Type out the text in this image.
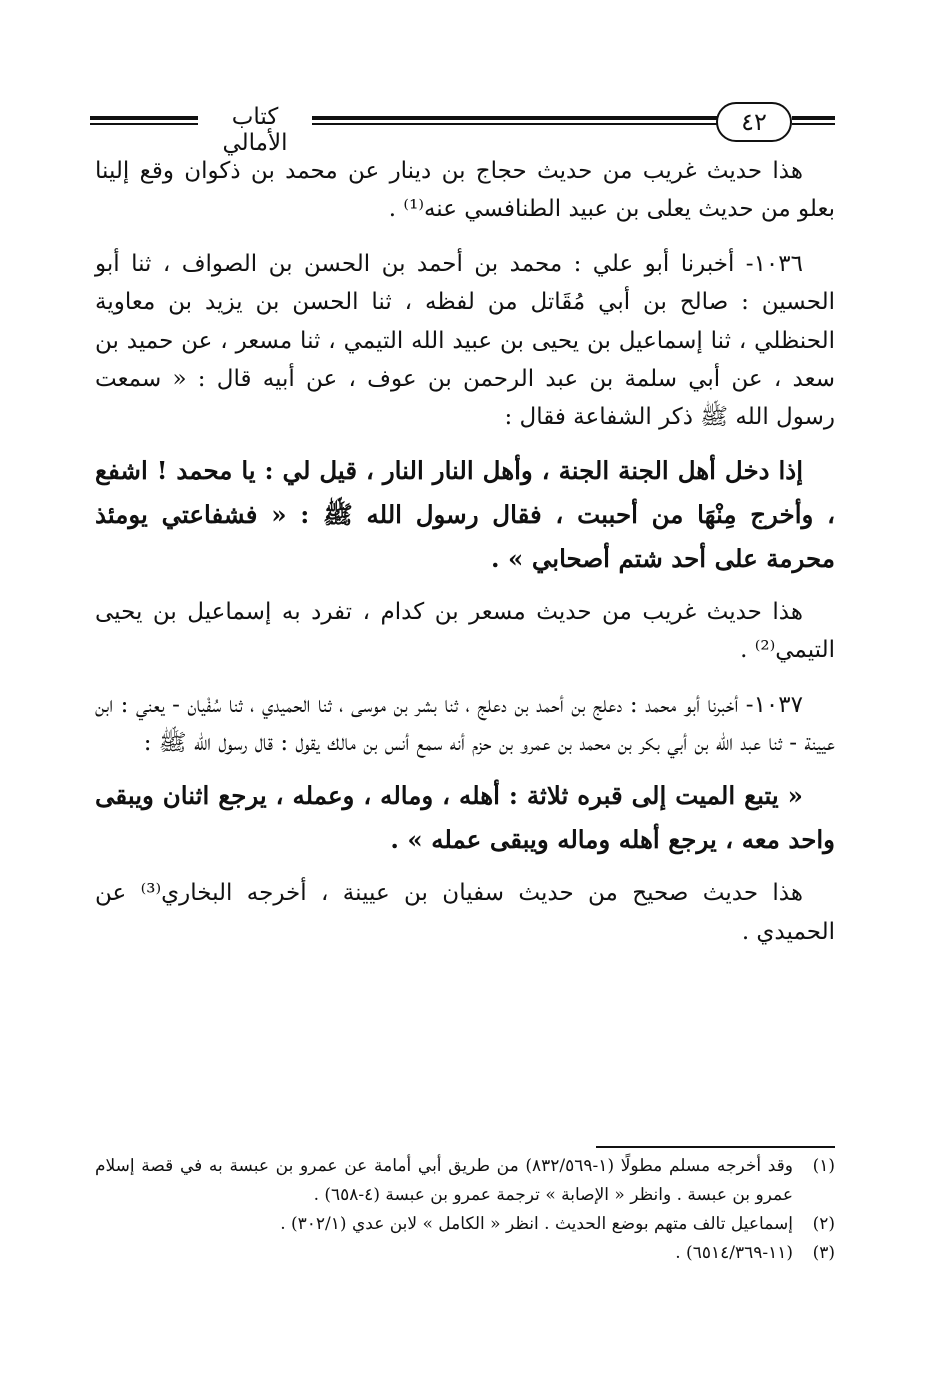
كتاب الأمالي
٤٢

هذا حديث غريب من حديث حجاج بن دينار عن محمد بن ذكوان وقع إلينا بعلو من حديث يعلى بن عبيد الطنافسي عنه⁽¹⁾ .

١٠٣٦- أخبرنا أبو علي : محمد بن أحمد بن الحسن بن الصواف ، ثنا أبو الحسين : صالح بن أبي مُقَاتل من لفظه ، ثنا الحسن بن يزيد بن معاوية الحنظلي ، ثنا إسماعيل بن يحيى بن عبيد الله التيمي ، ثنا مسعر ، عن حميد بن سعد ، عن أبي سلمة بن عبد الرحمن بن عوف ، عن أبيه قال : « سمعت رسول الله ﷺ ذكر الشفاعة فقال :

إذا دخل أهل الجنة الجنة ، وأهل النار النار ، قيل لي : يا محمد ! اشفع ، وأخرج مِنْهَا من أحببت ، فقال رسول الله ﷺ : « فشفاعتي يومئذ محرمة على أحد شتم أصحابي » .

هذا حديث غريب من حديث مسعر بن كدام ، تفرد به إسماعيل بن يحيى التيمي⁽²⁾ .

١٠٣٧- أخبرنا أبو محمد : دعلج بن أحمد بن دعلج ، ثنا بشر بن موسى ، ثنا الحميدي ، ثنا سُفْيان - يعني : ابن عيينة - ثنا عبد الله بن أبي بكر بن محمد بن عمرو بن حزم أنه سمع أنس بن مالك يقول : قال رسول الله ﷺ :

« يتبع الميت إلى قبره ثلاثة : أهله ، وماله ، وعمله ، يرجع اثنان ويبقى واحد معه ، يرجع أهله وماله ويبقى عمله » .

هذا حديث صحيح من حديث سفيان بن عيينة ، أخرجه البخاري⁽³⁾ عن الحميدي .

(١)
وقد أخرجه مسلم مطولًا (١-٨٣٢/٥٦٩) من طريق أبي أمامة عن عمرو بن عبسة به في قصة إسلام عمرو بن عبسة . وانظر « الإصابة » ترجمة عمرو بن عبسة (٤-٦٥٨) .

(٢)
إسماعيل تالف متهم بوضع الحديث . انظر « الكامل » لابن عدي (٣٠٢/١) .

(٣)
(١١-٦٥١٤/٣٦٩) .
